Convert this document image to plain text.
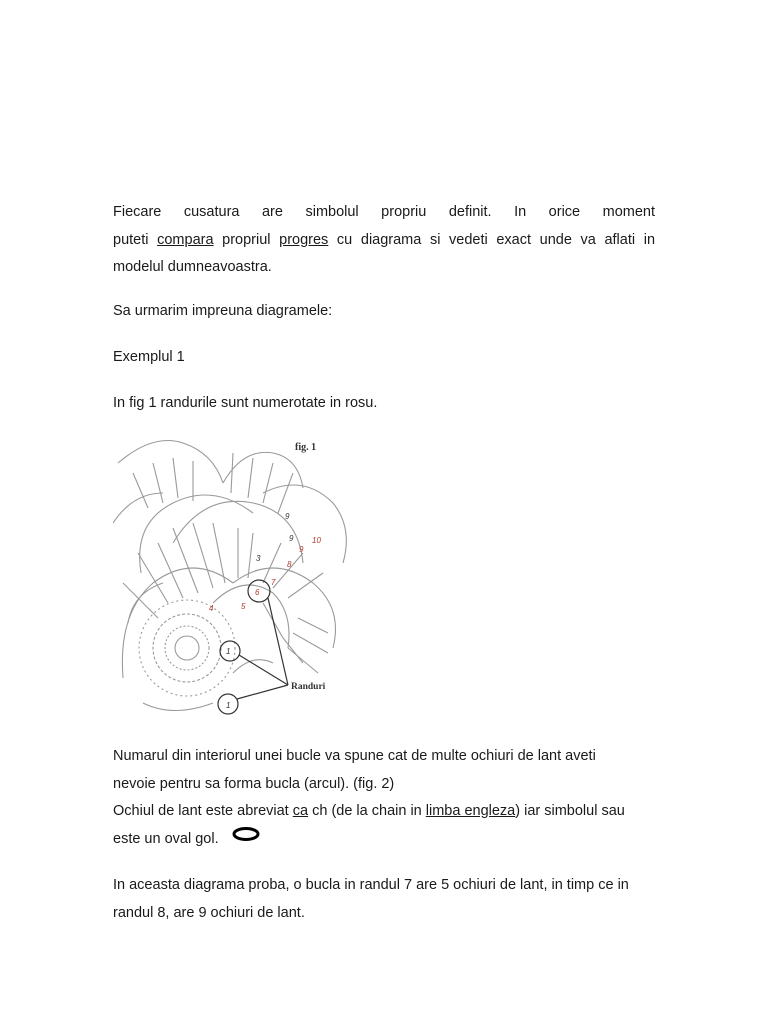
Fiecare cusatura are simbolul propriu definit. In orice moment
puteti compara propriul progres cu diagrama si vedeti exact unde va aflati in
modelul dumneavoastra.

Sa urmarim impreuna diagramele:

Exemplul 1

In fig 1 randurile sunt numerotate in rosu.

fig. 1
Randuri
1
1
3
4	5
6
7
8
9
10
9
9

Numarul din interiorul unei bucle va spune cat de multe ochiuri de lant aveti
nevoie pentru sa forma bucla (arcul). (fig. 2)

Ochiul de lant este abreviat ca ch (de la chain in limba engleza) iar simbolul sau
este un oval gol.

In aceasta diagrama proba, o bucla in randul 7 are 5 ochiuri de lant, in timp ce in
randul 8, are 9 ochiuri de lant.
